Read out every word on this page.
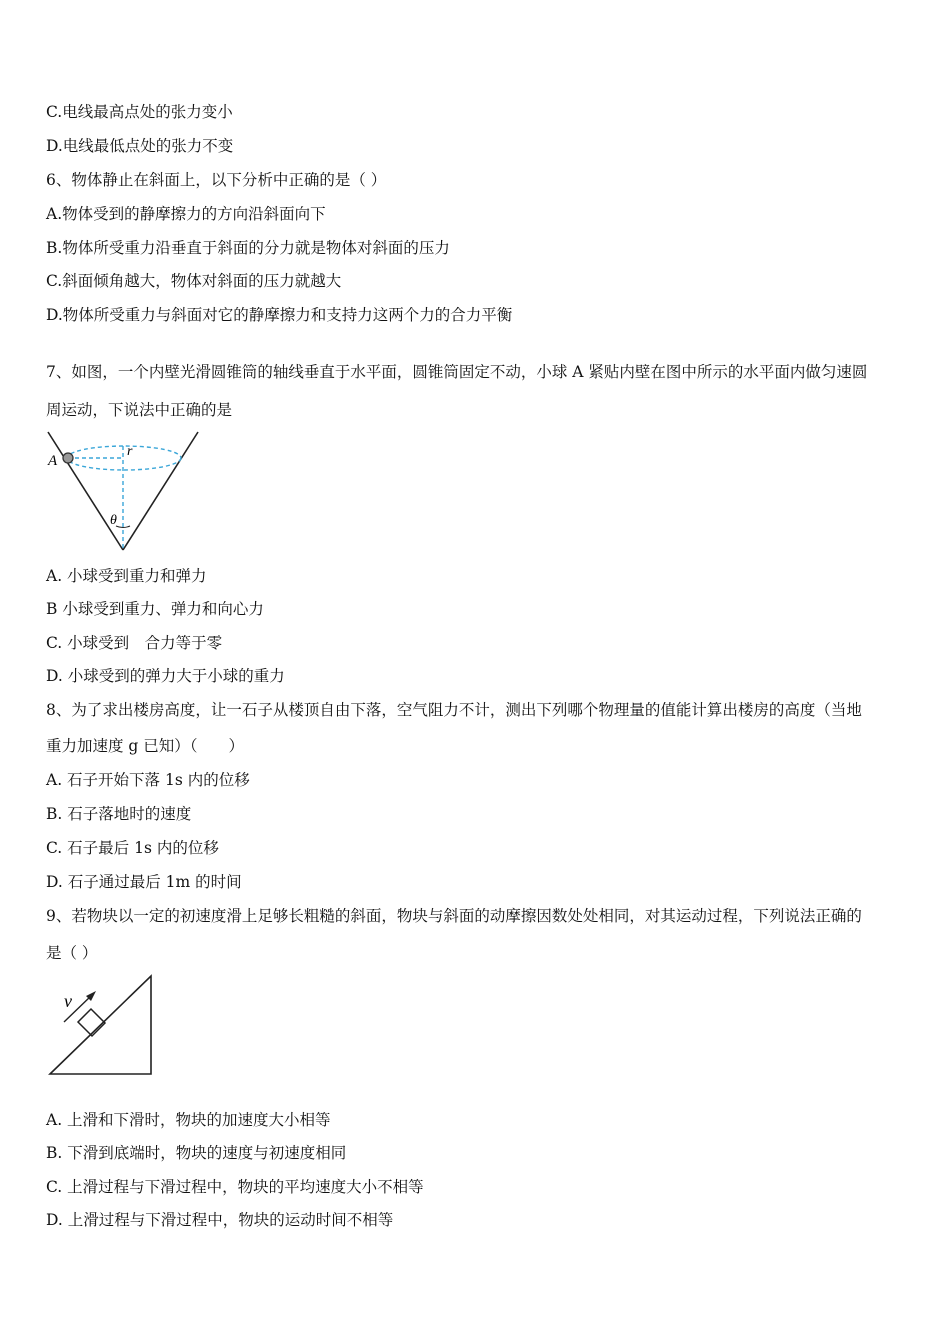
C.电线最高点处的张力变小
D.电线最低点处的张力不变
6、物体静止在斜面上，以下分析中正确的是（ ）
A.物体受到的静摩擦力的方向沿斜面向下
B.物体所受重力沿垂直于斜面的分力就是物体对斜面的压力
C.斜面倾角越大，物体对斜面的压力就越大
D.物体所受重力与斜面对它的静摩擦力和支持力这两个力的合力平衡
7、如图，一个内壁光滑圆锥筒的轴线垂直于水平面，圆锥筒固定不动，小球 A 紧贴内壁在图中所示的水平面内做匀速圆
周运动，下说法中正确的是
A
r
θ
A. 小球受到重力和弹力
B 小球受到重力、弹力和向心力
C. 小球受到　合力等于零
D. 小球受到的弹力大于小球的重力
8、为了求出楼房高度，让一石子从楼顶自由下落，空气阻力不计，测出下列哪个物理量的值能计算出楼房的高度（当地
重力加速度 g 已知）（　　）
A. 石子开始下落 1s 内的位移
B. 石子落地时的速度
C. 石子最后 1s 内的位移
D. 石子通过最后 1m 的时间
9、若物块以一定的初速度滑上足够长粗糙的斜面，物块与斜面的动摩擦因数处处相同，对其运动过程，下列说法正确的
是（ ）
v
A. 上滑和下滑时，物块的加速度大小相等
B. 下滑到底端时，物块的速度与初速度相同
C. 上滑过程与下滑过程中，物块的平均速度大小不相等
D. 上滑过程与下滑过程中，物块的运动时间不相等
